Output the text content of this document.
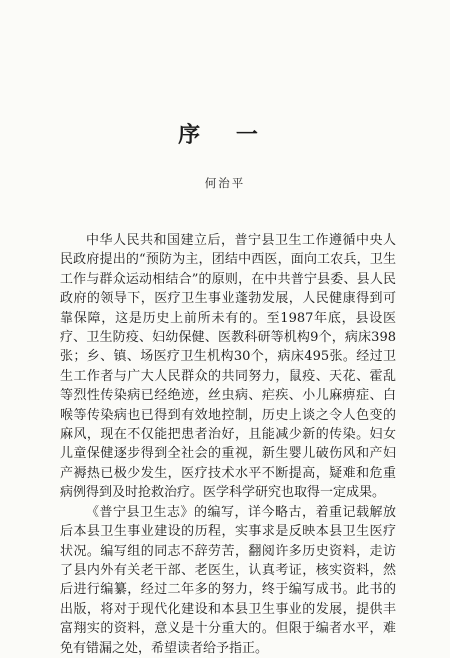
序 一
何治平

中华人民共和国建立后，普宁县卫生工作遵循中央人民政府提出的“预防为主，团结中西医，面向工农兵，卫生工作与群众运动相结合”的原则，在中共普宁县委、县人民政府的领导下，医疗卫生事业蓬勃发展，人民健康得到可靠保障，这是历史上前所未有的。至1987年底，县设医疗、卫生防疫、妇幼保健、医教科研等机构9个，病床398张；乡、镇、场医疗卫生机构30个，病床495张。经过卫生工作者与广大人民群众的共同努力，鼠疫、天花、霍乱等烈性传染病已经绝迹，丝虫病、疟疾、小儿麻痹症、白喉等传染病也已得到有效地控制，历史上谈之令人色变的麻风，现在不仅能把患者治好，且能减少新的传染。妇女儿童保健逐步得到全社会的重视，新生婴儿破伤风和产妇产褥热已极少发生，医疗技术水平不断提高，疑难和危重病例得到及时抢救治疗。医学科学研究也取得一定成果。

《普宁县卫生志》的编写，详今略古，着重记载解放后本县卫生事业建设的历程，实事求是反映本县卫生医疗状况。编写组的同志不辞劳苦，翻阅许多历史资料，走访了县内外有关老干部、老医生，认真考证，核实资料，然后进行编纂，经过二年多的努力，终于编写成书。此书的出版，将对于现代化建设和本县卫生事业的发展，提供丰富翔实的资料，意义是十分重大的。但限于编者水平，难免有错漏之处，希望读者给予指正。
